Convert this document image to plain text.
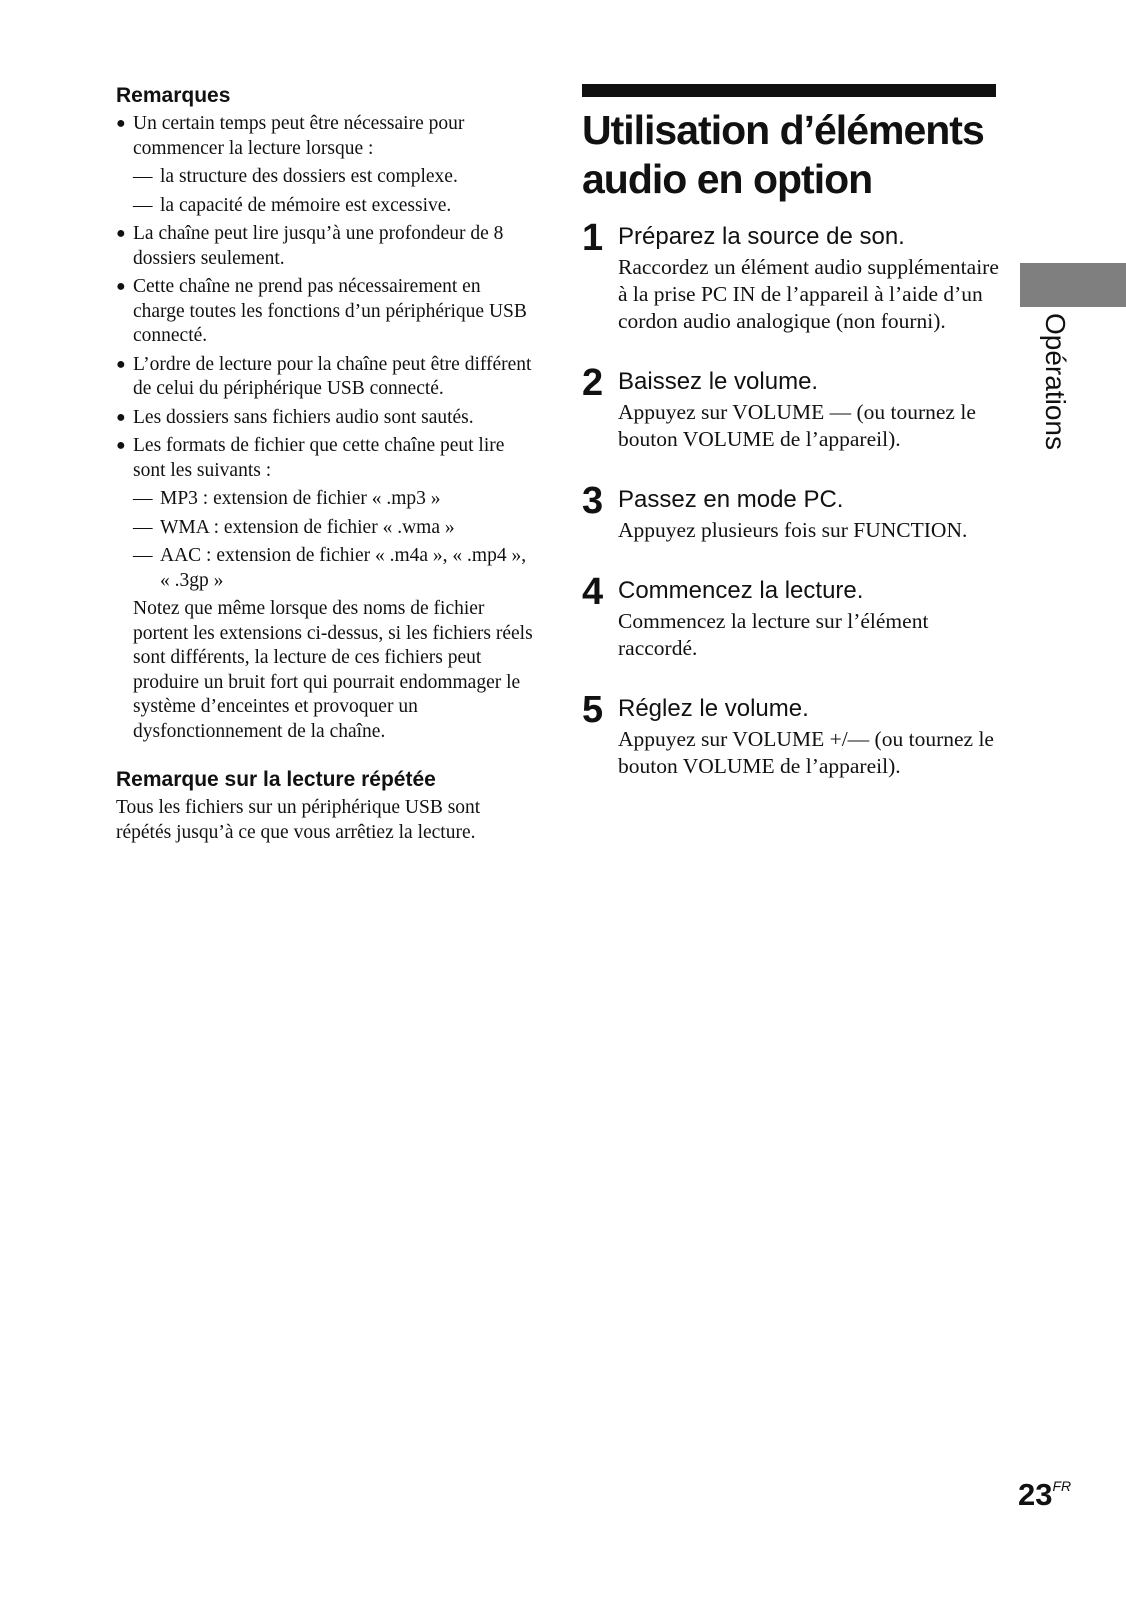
Remarques
● Un certain temps peut être nécessaire pour commencer la lecture lorsque :
— la structure des dossiers est complexe.
— la capacité de mémoire est excessive.
● La chaîne peut lire jusqu’à une profondeur de 8 dossiers seulement.
● Cette chaîne ne prend pas nécessairement en charge toutes les fonctions d’un périphérique USB connecté.
● L’ordre de lecture pour la chaîne peut être différent de celui du périphérique USB connecté.
● Les dossiers sans fichiers audio sont sautés.
● Les formats de fichier que cette chaîne peut lire sont les suivants :
— MP3 : extension de fichier « .mp3 »
— WMA : extension de fichier « .wma »
— AAC : extension de fichier « .m4a », « .mp4 », « .3gp »

Notez que même lorsque des noms de fichier portent les extensions ci-dessus, si les fichiers réels sont différents, la lecture de ces fichiers peut produire un bruit fort qui pourrait endommager le système d’enceintes et provoquer un dysfonctionnement de la chaîne.

Remarque sur la lecture répétée

Tous les fichiers sur un périphérique USB sont répétés jusqu’à ce que vous arrêtiez la lecture.

Utilisation d’éléments audio en option
1 Préparez la source de son.

Raccordez un élément audio supplémentaire à la prise PC IN de l’appareil à l’aide d’un cordon audio analogique (non fourni).

2 Baissez le volume.

Appuyez sur VOLUME — (ou tournez le bouton VOLUME de l’appareil).

3 Passez en mode PC.

Appuyez plusieurs fois sur FUNCTION.

4 Commencez la lecture.

Commencez la lecture sur l’élément raccordé.

5 Réglez le volume.

Appuyez sur VOLUME +/— (ou tournez le bouton VOLUME de l’appareil).

Opérations
$23^{FR}$
